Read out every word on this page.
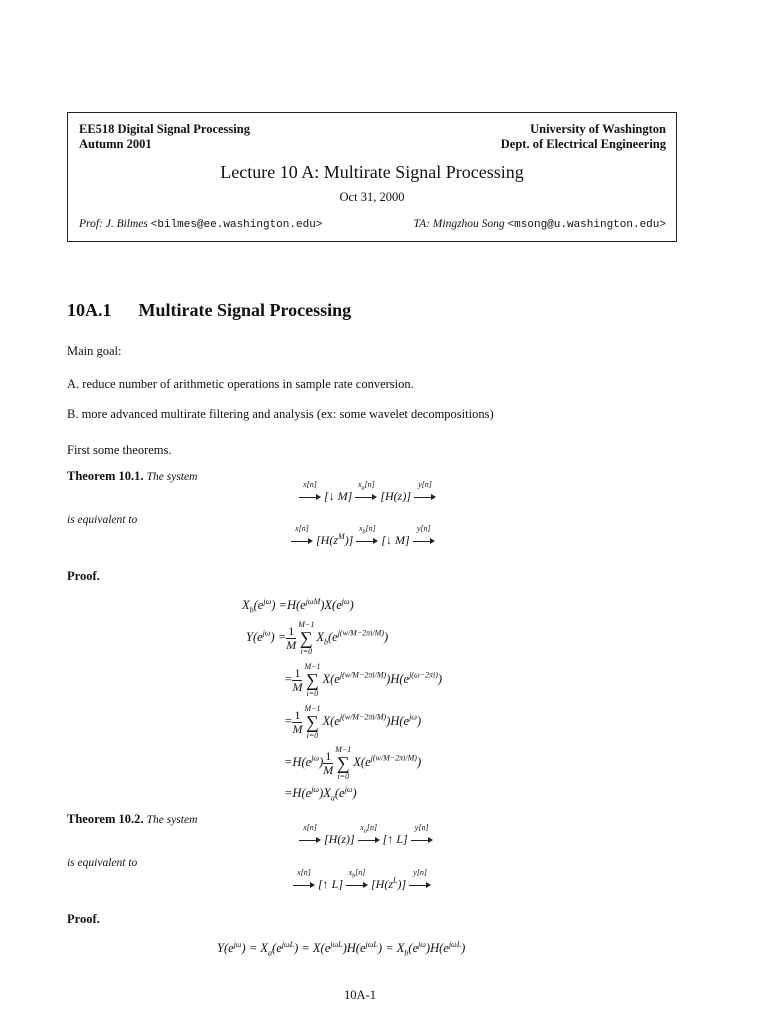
EE518 Digital Signal Processing
Autumn 2001
University of Washington
Dept. of Electrical Engineering
Lecture 10 A: Multirate Signal Processing
Oct 31, 2000
Prof: J. Bilmes <bilmes@ee.washington.edu>	TA: Mingzhou Song <msong@u.washington.edu>
10A.1 Multirate Signal Processing
Main goal:
A. reduce number of arithmetic operations in sample rate conversion.
B. more advanced multirate filtering and analysis (ex: some wavelet decompositions)
First some theorems.
Theorem 10.1. The system
x[n]
[↓ M]
$x_a[n]$
[H(z)]
y[n]
is equivalent to
x[n]
$[H(z^M)]$
$x_b[n]$
[↓ M]
y[n]
Proof.
$X_b(e^{j\omega}) =H(e^{j\omega M})X(e^{j\omega})$
$Y(e^{j\omega}) = \frac{1}{M} M-1$
∑
i=0
$X_b(e^{j(w/M-2\pi i/M)})$
= $\frac{1}{M} M-1$
∑
i=0
$X(e^{j(w/M-2\pi i/M)})H(e^{j(\omega-2\pi i)})$
= $\frac{1}{M} M-1$
∑
i=0
$X(e^{j(w/M-2\pi i/M)})H(e^{j\omega})$
$=H(e^{j\omega}) \frac{1}{M} M-1$
∑
i=0
$X(e^{j(w/M-2\pi i/M)})$
$=H(e^{j\omega})X_a(e^{j\omega})$
Theorem 10.2. The system
x[n]
[H(z)]
$x_a[n]$
[↑ L]
y[n]
is equivalent to
x[n]
[↑ L]
$x_b[n]$
$[H(z^L)]$
y[n]
Proof.
$Y(e^{j\omega}) = X_a(e^{j\omega L}) = X(e^{j\omega L})H(e^{j\omega L}) = X_b(e^{j\omega})H(e^{j\omega L})$
10A-1
